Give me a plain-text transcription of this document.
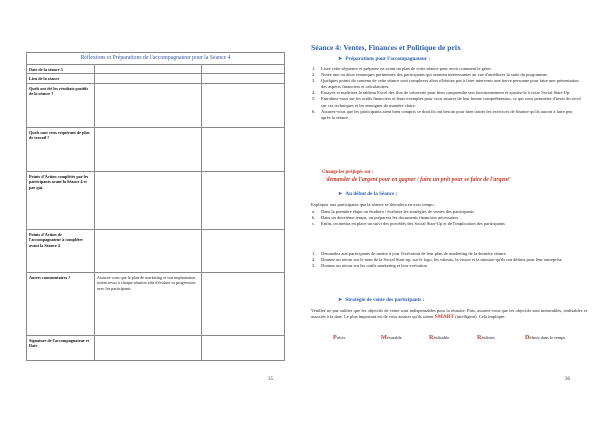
Réflexions et Préparations de l'accompagnateur pour la Séance 4		
Date de la séance 3		
Lieu de la séance		
Quels ont été les résultats positifs de la séance ?		
Quels sont ceux requérant de plus de travail ?		
Points d'Action complétés par les participants avant la Séance 4 et par qui.		
Points d'Action de l'accompagnateur à compléter avant la Séance 4		
Autres commentaires ?	Assurez-vous que le plan de marketing et son implantation soient revus à chaque réunion afin d'évaluer sa progression avec les participants	
Signature de l'accompagnateur et Date		
35
Séance 4: Ventes, Finances et Politique de prix
➤ Préparations pour l'accompagnateur :
1.	Lisez cette séquence et préparez en avant un plan de votre séance pour avoir comment le gérer.
2.	Notez une ou deux remarques pertinentes des participants qui seraient intéressantes au vue d'améliorer la suite du programme.
3.	Quelques points du contenu de cette séance sont complexes alors n'hésitez pas à faire intervenir une tierce personne pour faire une présentation des aspects financiers et calculatoires.
4.	Essayez et maîtrisez le tableau Excel des flux de trésorerie pour bien comprendre son fonctionnement et ajustez-le à votre Social Start-Up.
5.	Entraînez-vous sur les outils financiers et leurs exemples pour vous assurer de leur bonne compréhension, ce qui vous permettra d'avoir du recul sur ces techniques et les enseigner de manière claire.
6.	Assurez-vous que les participants aient bien compris ce dont ils ont besoin pour bien traiter les exercices de finance qu'ils auront à faire peu après la séance
Change les préjugés sur :
'demander de l'argent pour en gagner / faire un prêt pour se faire de l'argent'
➤ Au début de la Séance :
Expliquer aux participants que la séance se déroulera en trois temps :
a.	Dans la première étape on étudiera / évaluera les stratégies de ventes des participants
b.	Dans un deuxième temps, on préparera les documents financiers nécessaires
c.	Enfin, on mettra en place un suivi des procédés des Social Start-Up et de l'implication des participants
1.	Demandez aux participants de mettre à jour l'exécution de leur plan de marketing de la dernière séance
2.	Donnez un retour sur le nom de la Social Start-up, sur le logo, les valeurs, la vision et la mission qu'ils ont définis pour leur entreprise
3.	Donnez un retour sur les outils marketing et leur exécution
➤ Stratégie de vente des participants :
Veuillez ne pas oublier que les objectifs de vente sont indispensables pour la réussite. Puis, assurez-vous que les objectifs sont mesurables, réalisables et associés à la date. Le plus important est de vous assurer qu'ils soient SMART (intelligent). Cela implique:
Précis	Mesurable	Réalisable	Réalistes	Définis dans le temps
36
